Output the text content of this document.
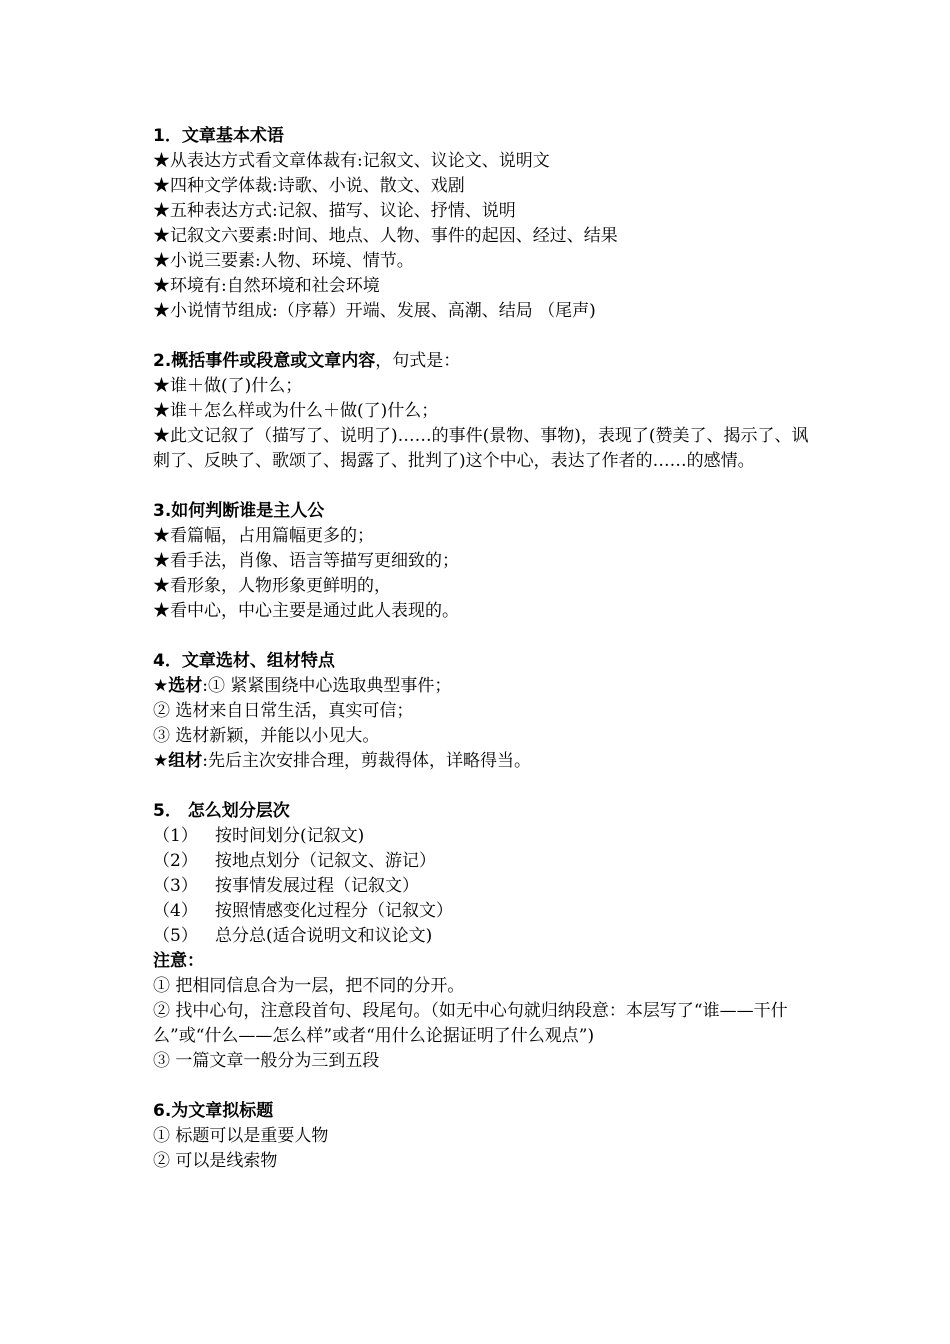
1．文章基本术语
★从表达方式看文章体裁有:记叙文、议论文、说明文
★四种文学体裁:诗歌、小说、散文、戏剧
★五种表达方式:记叙、描写、议论、抒情、说明
★记叙文六要素:时间、地点、人物、事件的起因、经过、结果
★小说三要素:人物、环境、情节。
★环境有:自然环境和社会环境
★小说情节组成:（序幕）开端、发展、高潮、结局 （尾声)
2.概括事件或段意或文章内容，句式是：
★谁＋做(了)什么；
★谁＋怎么样或为什么＋做(了)什么；
★此文记叙了（描写了、说明了)……的事件(景物、事物)，表现了(赞美了、揭示了、讽刺了、反映了、歌颂了、揭露了、批判了)这个中心，表达了作者的……的感情。
3.如何判断谁是主人公
★看篇幅，占用篇幅更多的；
★看手法，肖像、语言等描写更细致的；
★看形象，人物形象更鲜明的，
★看中心，中心主要是通过此人表现的。
4．文章选材、组材特点
★选材:① 紧紧围绕中心选取典型事件；
② 选材来自日常生活，真实可信；
③ 选材新颖，并能以小见大。
★组材:先后主次安排合理，剪裁得体，详略得当。
5． 怎么划分层次
（1） 按时间划分(记叙文)
（2） 按地点划分（记叙文、游记）
（3） 按事情发展过程（记叙文）
（4） 按照情感变化过程分（记叙文）
（5） 总分总(适合说明文和议论文)
注意：
① 把相同信息合为一层，把不同的分开。
② 找中心句，注意段首句、段尾句。（如无中心句就归纳段意：本层写了“谁——干什么”或“什么——怎么样”或者“用什么论据证明了什么观点”)
③ 一篇文章一般分为三到五段
6.为文章拟标题
① 标题可以是重要人物
② 可以是线索物
